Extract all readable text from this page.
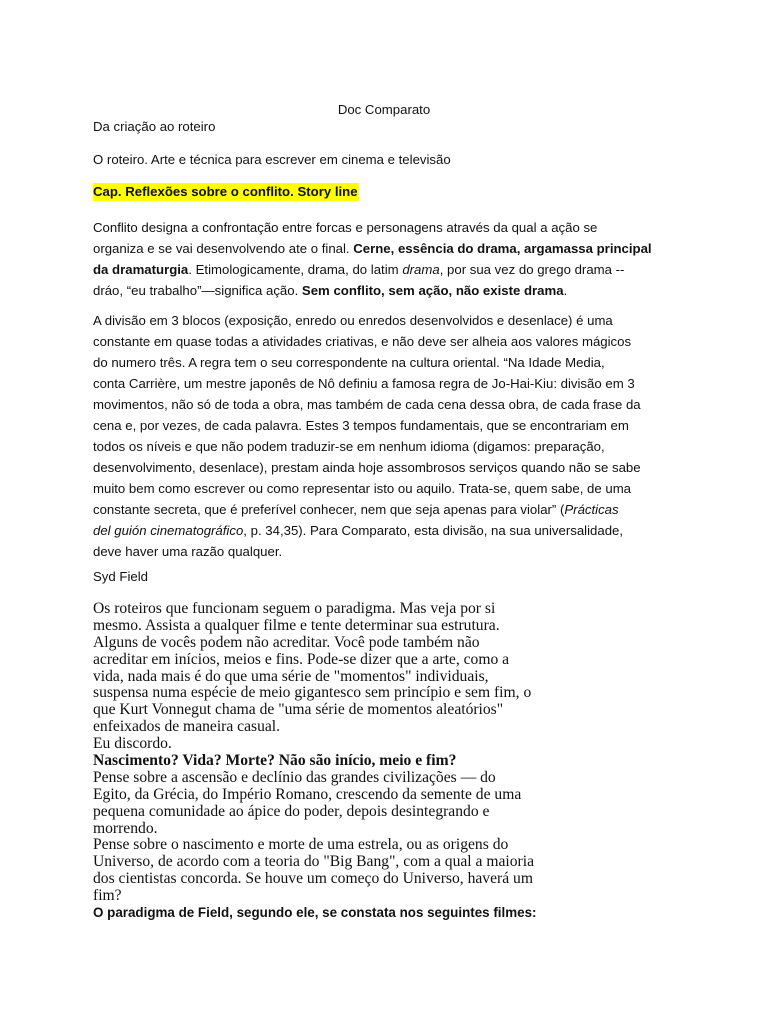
Doc Comparato

Da criação ao roteiro

O roteiro. Arte e técnica para escrever em cinema e televisão

Cap. Reflexões sobre o conflito. Story line

Conflito designa a confrontação entre forcas e personagens através da qual a ação se
organiza e se vai desenvolvendo ate o final. Cerne, essência do drama, argamassa principal
da dramaturgia. Etimologicamente, drama, do latim drama, por sua vez do grego drama --
dráo, “eu trabalho”—significa ação. Sem conflito, sem ação, não existe drama.
A divisão em 3 blocos (exposição, enredo ou enredos desenvolvidos e desenlace) é uma
constante em quase todas a atividades criativas, e não deve ser alheia aos valores mágicos
do numero três. A regra tem o seu correspondente na cultura oriental. “Na Idade Media,
conta Carrière, um mestre japonês de Nô definiu a famosa regra de Jo-Hai-Kiu: divisão em 3
movimentos, não só de toda a obra, mas também de cada cena dessa obra, de cada frase da
cena e, por vezes, de cada palavra. Estes 3 tempos fundamentais, que se encontrariam em
todos os níveis e que não podem traduzir-se em nenhum idioma (digamos: preparação,
desenvolvimento, desenlace), prestam ainda hoje assombrosos serviços quando não se sabe
muito bem como escrever ou como representar isto ou aquilo. Trata-se, quem sabe, de uma
constante secreta, que é preferível conhecer, nem que seja apenas para violar” (Prácticas
del guión cinematográfico, p. 34,35). Para Comparato, esta divisão, na sua universalidade,
deve haver uma razão qualquer.

Syd Field

Os roteiros que funcionam seguem o paradigma. Mas veja por si
mesmo. Assista a qualquer filme e tente determinar sua estrutura.
Alguns de vocês podem não acreditar. Você pode também não
acreditar em inícios, meios e fins. Pode-se dizer que a arte, como a
vida, nada mais é do que uma série de "momentos" individuais,
suspensa numa espécie de meio gigantesco sem princípio e sem fim, o
que Kurt Vonnegut chama de "uma série de momentos aleatórios"
enfeixados de maneira casual.
Eu discordo.
Nascimento? Vida? Morte? Não são início, meio e fim?
Pense sobre a ascensão e declínio das grandes civilizações — do
Egito, da Grécia, do Império Romano, crescendo da semente de uma
pequena comunidade ao ápice do poder, depois desintegrando e
morrendo.
Pense sobre o nascimento e morte de uma estrela, ou as origens do
Universo, de acordo com a teoria do "Big Bang", com a qual a maioria
dos cientistas concorda. Se houve um começo do Universo, haverá um
fim?
O paradigma de Field, segundo ele, se constata nos seguintes filmes:
